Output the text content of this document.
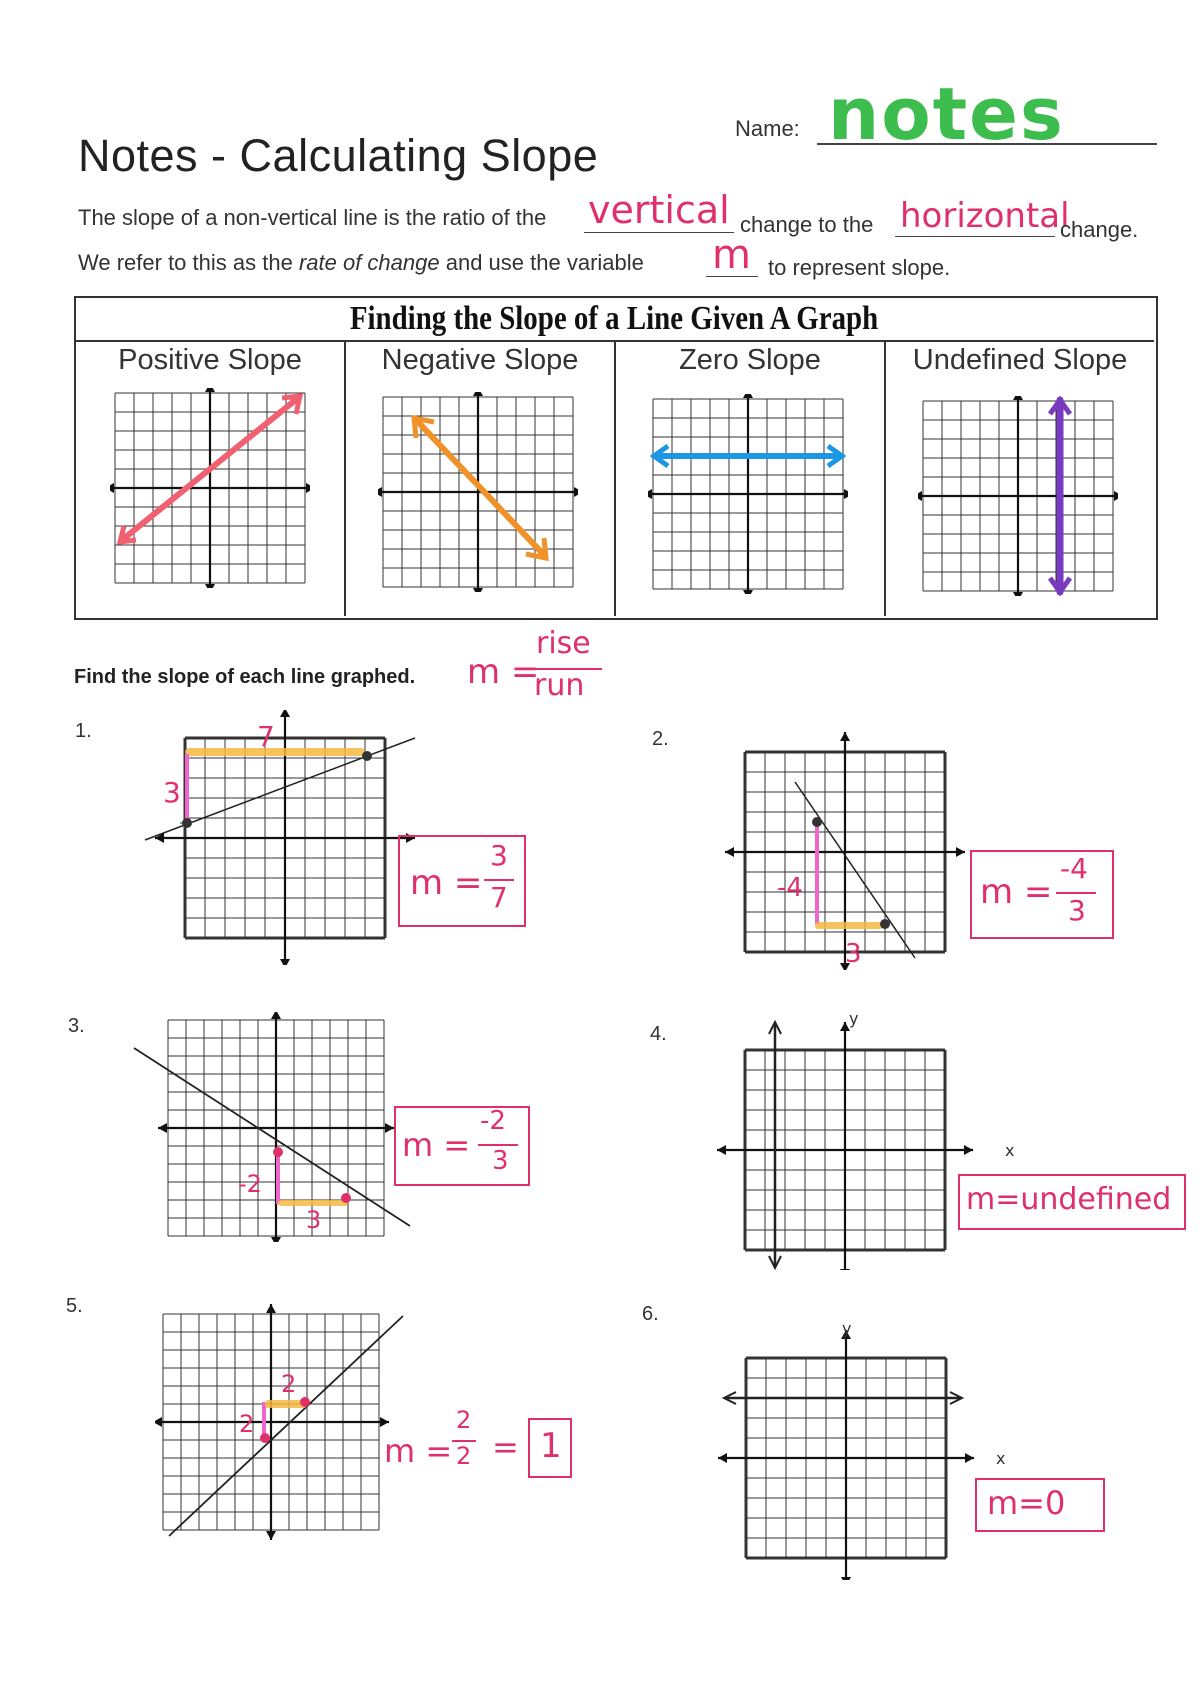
Notes - Calculating Slope
Name: notes
The slope of a non-vertical line is the ratio of the vertical change to the horizontal
change.
We refer to this as the rate of change and use the variable m to represent slope.
Finding the Slope of a Line Given A Graph
Positive Slope	Negative Slope	Zero Slope	Undefined Slope
Find the slope of each line graphed. m =
rise
run
1.	2.
3.	4.
5.	6.
7
3
m =
3
7	-4
3
m =
-4
3
-2
3
m =
-2
3
y
x
m=undefined
2
2
m =
2
2 = 1
y
x
m=0
